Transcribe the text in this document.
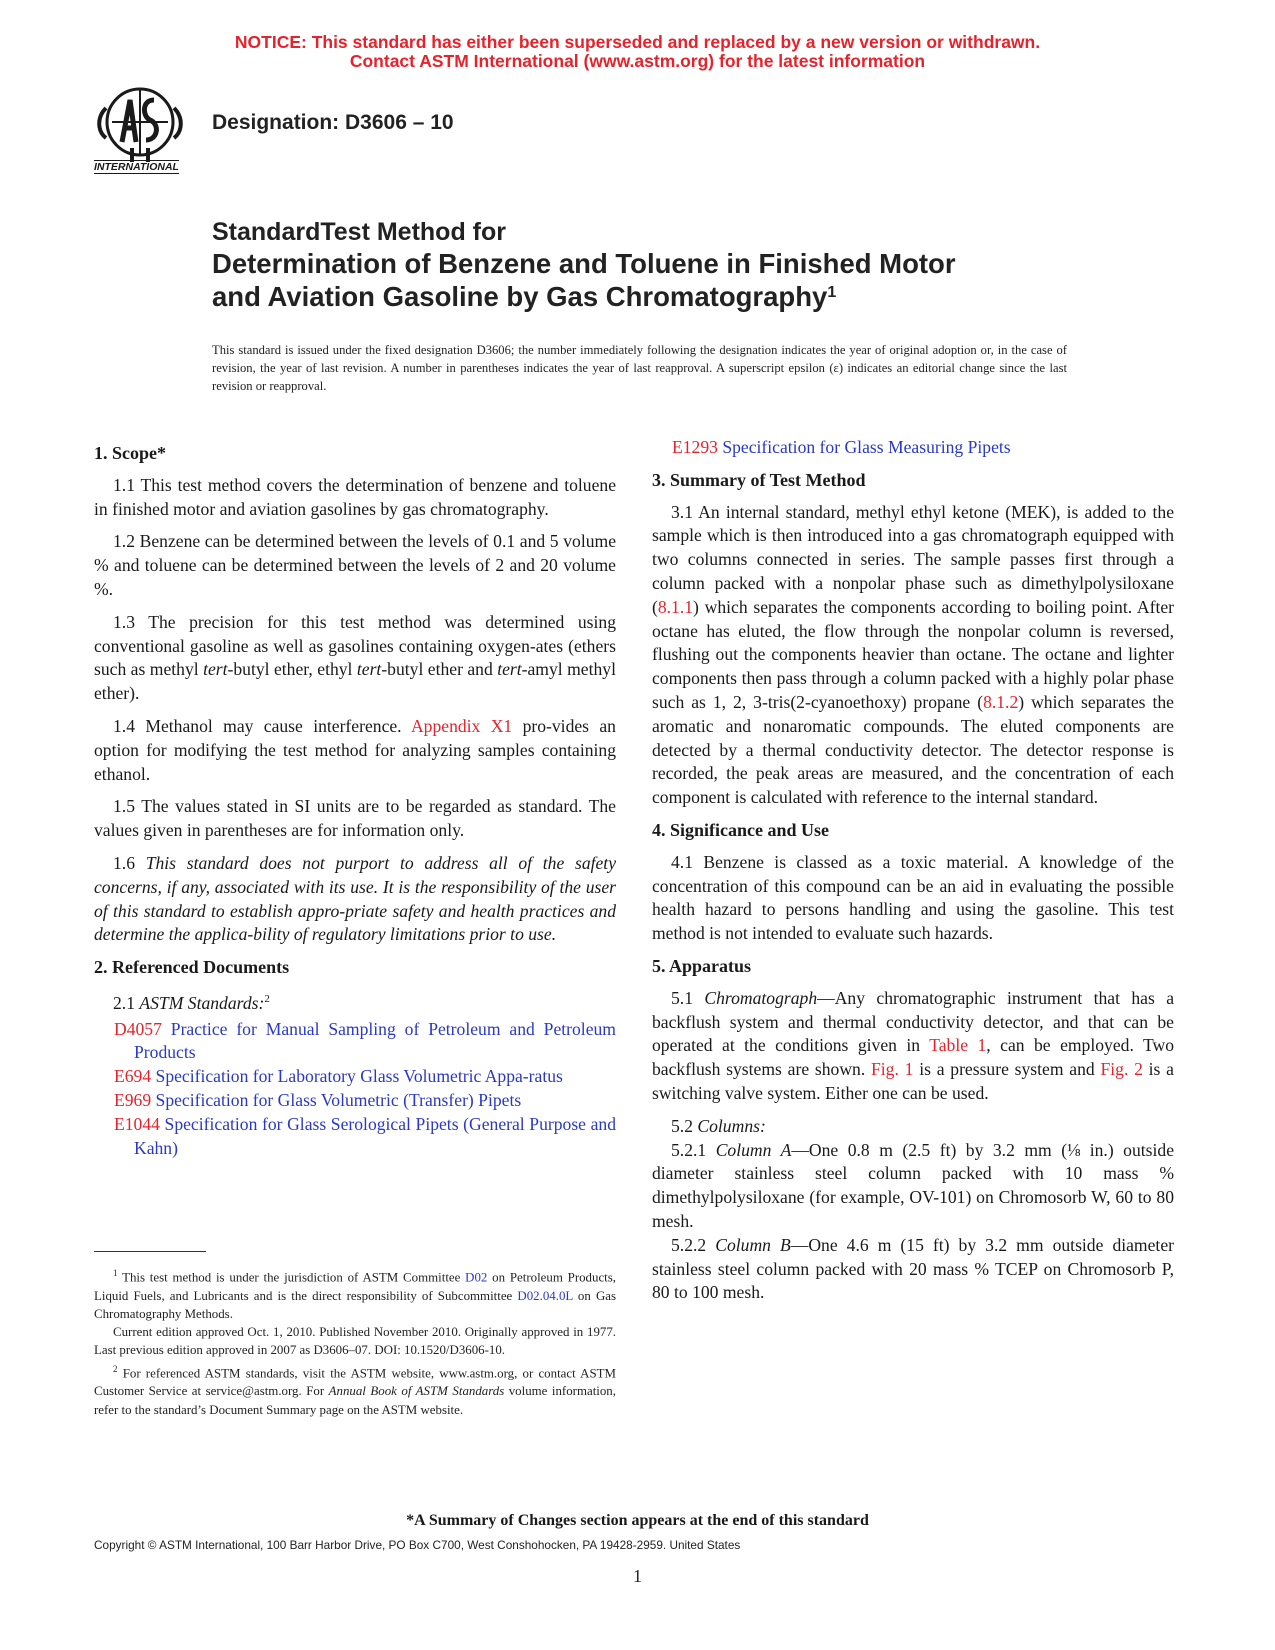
NOTICE: This standard has either been superseded and replaced by a new version or withdrawn.
Contact ASTM International (www.astm.org) for the latest information
INTERNATIONAL
Designation: D3606 – 10
StandardTest Method for
Determination of Benzene and Toluene in Finished Motor
and Aviation Gasoline by Gas Chromatography$^1$
This standard is issued under the fixed designation D3606; the number immediately following the designation indicates the year of original adoption or, in the case of revision, the year of last revision. A number in parentheses indicates the year of last reapproval. A superscript epsilon (ε) indicates an editorial change since the last revision or reapproval.
1. Scope*

1.1 This test method covers the determination of benzene and toluene in finished motor and aviation gasolines by gas chromatography.

1.2 Benzene can be determined between the levels of 0.1 and 5 volume % and toluene can be determined between the levels of 2 and 20 volume %.

1.3 The precision for this test method was determined using conventional gasoline as well as gasolines containing oxygen-ates (ethers such as methyl tert-butyl ether, ethyl tert-butyl ether and tert-amyl methyl ether).

1.4 Methanol may cause interference. Appendix X1 pro-vides an option for modifying the test method for analyzing samples containing ethanol.

1.5 The values stated in SI units are to be regarded as standard. The values given in parentheses are for information only.

1.6 This standard does not purport to address all of the safety concerns, if any, associated with its use. It is the responsibility of the user of this standard to establish appro-priate safety and health practices and determine the applica-bility of regulatory limitations prior to use.

2. Referenced Documents

2.1 ASTM Standards:$^2$

D4057 Practice for Manual Sampling of Petroleum and Petroleum Products
E694 Specification for Laboratory Glass Volumetric Appa-ratus
E969 Specification for Glass Volumetric (Transfer) Pipets
E1044 Specification for Glass Serological Pipets (General Purpose and Kahn)
E1293 Specification for Glass Measuring Pipets
3. Summary of Test Method

3.1 An internal standard, methyl ethyl ketone (MEK), is added to the sample which is then introduced into a gas chromatograph equipped with two columns connected in series. The sample passes first through a column packed with a nonpolar phase such as dimethylpolysiloxane (8.1.1) which separates the components according to boiling point. After octane has eluted, the flow through the nonpolar column is reversed, flushing out the components heavier than octane. The octane and lighter components then pass through a column packed with a highly polar phase such as 1, 2, 3-tris(2-cyanoethoxy) propane (8.1.2) which separates the aromatic and nonaromatic compounds. The eluted components are detected by a thermal conductivity detector. The detector response is recorded, the peak areas are measured, and the concentration of each component is calculated with reference to the internal standard.

4. Significance and Use

4.1 Benzene is classed as a toxic material. A knowledge of the concentration of this compound can be an aid in evaluating the possible health hazard to persons handling and using the gasoline. This test method is not intended to evaluate such hazards.

5. Apparatus

5.1 Chromatograph—Any chromatographic instrument that has a backflush system and thermal conductivity detector, and that can be operated at the conditions given in Table 1, can be employed. Two backflush systems are shown. Fig. 1 is a pressure system and Fig. 2 is a switching valve system. Either one can be used.

5.2 Columns:

5.2.1 Column A—One 0.8 m (2.5 ft) by 3.2 mm (⅛ in.) outside diameter stainless steel column packed with 10 mass % dimethylpolysiloxane (for example, OV-101) on Chromosorb W, 60 to 80 mesh.

5.2.2 Column B—One 4.6 m (15 ft) by 3.2 mm outside diameter stainless steel column packed with 20 mass % TCEP on Chromosorb P, 80 to 100 mesh.

$^1$ This test method is under the jurisdiction of ASTM Committee D02 on Petroleum Products, Liquid Fuels, and Lubricants and is the direct responsibility of Subcommittee D02.04.0L on Gas Chromatography Methods.

Current edition approved Oct. 1, 2010. Published November 2010. Originally approved in 1977. Last previous edition approved in 2007 as D3606–07. DOI: 10.1520/D3606-10.

$^2$ For referenced ASTM standards, visit the ASTM website, www.astm.org, or contact ASTM Customer Service at service@astm.org. For Annual Book of ASTM Standards volume information, refer to the standard’s Document Summary page on the ASTM website.

*A Summary of Changes section appears at the end of this standard
Copyright © ASTM International, 100 Barr Harbor Drive, PO Box C700, West Conshohocken, PA 19428-2959. United States
1
